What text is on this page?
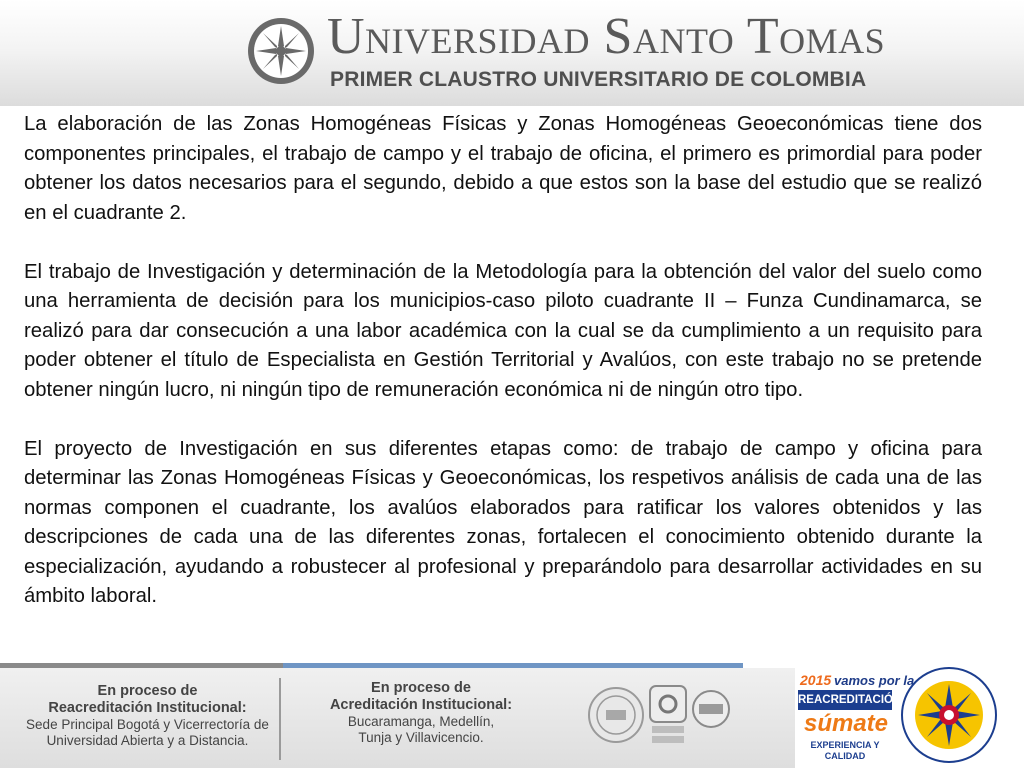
Universidad Santo Tomas
PRIMER CLAUSTRO UNIVERSITARIO DE COLOMBIA

La elaboración de las Zonas Homogéneas Físicas y Zonas Homogéneas Geoeconómicas tiene dos componentes principales, el trabajo de campo y el trabajo de oficina, el primero es primordial para poder obtener los datos necesarios para el segundo, debido a que estos son la base del estudio que se realizó en el cuadrante 2.

El trabajo de Investigación y determinación de la Metodología para la obtención del valor del suelo como una herramienta de decisión para los municipios-caso piloto cuadrante II – Funza Cundinamarca, se realizó para dar consecución a una labor académica con la cual se da cumplimiento a un requisito para poder obtener el título de Especialista en Gestión Territorial y Avalúos, con este trabajo no se pretende obtener ningún lucro, ni ningún tipo de remuneración económica ni de ningún otro tipo.

El proyecto de Investigación en sus diferentes etapas como: de trabajo de campo y oficina para determinar las Zonas Homogéneas Físicas y Geoeconómicas, los respetivos análisis de cada una de las normas componen el cuadrante, los avalúos elaborados para ratificar los valores obtenidos y las descripciones de cada una de las diferentes zonas, fortalecen el conocimiento obtenido durante la especialización, ayudando a robustecer al profesional y preparándolo para desarrollar actividades en su ámbito laboral.

En proceso de
Reacreditación Institucional:
Sede Principal Bogotá y Vicerrectoría de
Universidad Abierta y a Distancia.
En proceso de
Acreditación Institucional:
Bucaramanga, Medellín,
Tunja y Villavicencio.
2015 vamos por la
REACREDITACIÓN
súmate
EXPERIENCIA Y CALIDAD
